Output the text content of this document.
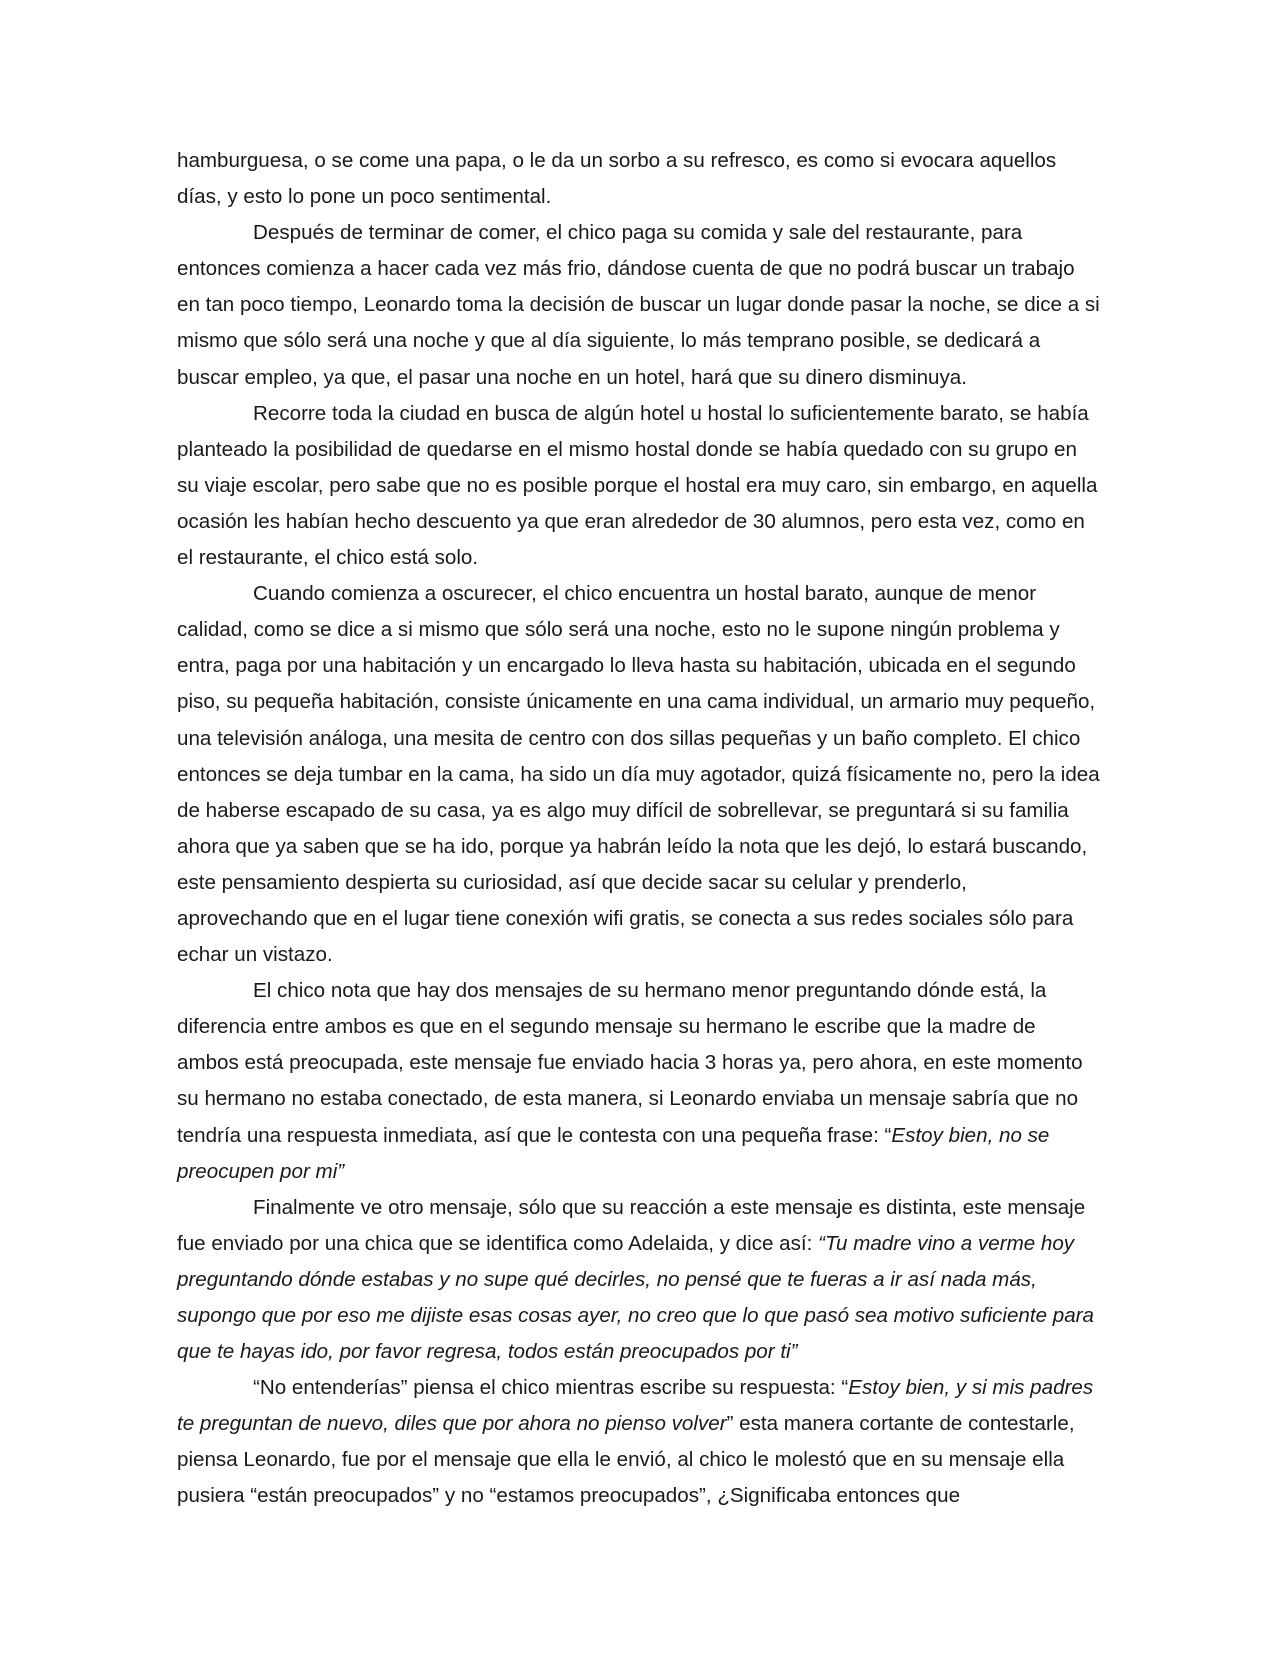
hamburguesa, o se come una papa, o le da un sorbo a su refresco, es como si evocara aquellos días, y esto lo pone un poco sentimental.

Después de terminar de comer, el chico paga su comida y sale del restaurante, para entonces comienza a hacer cada vez más frio, dándose cuenta de que no podrá buscar un trabajo en tan poco tiempo, Leonardo toma la decisión de buscar un lugar donde pasar la noche, se dice a si mismo que sólo será una noche y que al día siguiente, lo más temprano posible, se dedicará a buscar empleo, ya que, el pasar una noche en un hotel, hará que su dinero disminuya.

Recorre toda la ciudad en busca de algún hotel u hostal lo suficientemente barato, se había planteado la posibilidad de quedarse en el mismo hostal donde se había quedado con su grupo en su viaje escolar, pero sabe que no es posible porque el hostal era muy caro, sin embargo, en aquella ocasión les habían hecho descuento ya que eran alrededor de 30 alumnos, pero esta vez, como en el restaurante, el chico está solo.

Cuando comienza a oscurecer, el chico encuentra un hostal barato, aunque de menor calidad, como se dice a si mismo que sólo será una noche, esto no le supone ningún problema y entra, paga por una habitación y un encargado lo lleva hasta su habitación, ubicada en el segundo piso, su pequeña habitación, consiste únicamente en una cama individual, un armario muy pequeño, una televisión análoga, una mesita de centro con dos sillas pequeñas y un baño completo. El chico entonces se deja tumbar en la cama, ha sido un día muy agotador, quizá físicamente no, pero la idea de haberse escapado de su casa, ya es algo muy difícil de sobrellevar, se preguntará si su familia ahora que ya saben que se ha ido, porque ya habrán leído la nota que les dejó, lo estará buscando, este pensamiento despierta su curiosidad, así que decide sacar su celular y prenderlo, aprovechando que en el lugar tiene conexión wifi gratis, se conecta a sus redes sociales sólo para echar un vistazo.

El chico nota que hay dos mensajes de su hermano menor preguntando dónde está, la diferencia entre ambos es que en el segundo mensaje su hermano le escribe que la madre de ambos está preocupada, este mensaje fue enviado hacia 3 horas ya, pero ahora, en este momento su hermano no estaba conectado, de esta manera, si Leonardo enviaba un mensaje sabría que no tendría una respuesta inmediata, así que le contesta con una pequeña frase: “Estoy bien, no se preocupen por mi”

Finalmente ve otro mensaje, sólo que su reacción a este mensaje es distinta, este mensaje fue enviado por una chica que se identifica como Adelaida, y dice así: “Tu madre vino a verme hoy preguntando dónde estabas y no supe qué decirles, no pensé que te fueras a ir así nada más, supongo que por eso me dijiste esas cosas ayer, no creo que lo que pasó sea motivo suficiente para que te hayas ido, por favor regresa, todos están preocupados por ti”

“No entenderías” piensa el chico mientras escribe su respuesta: “Estoy bien, y si mis padres te preguntan de nuevo, diles que por ahora no pienso volver” esta manera cortante de contestarle, piensa Leonardo, fue por el mensaje que ella le envió, al chico le molestó que en su mensaje ella pusiera “están preocupados” y no “estamos preocupados”, ¿Significaba entonces que
